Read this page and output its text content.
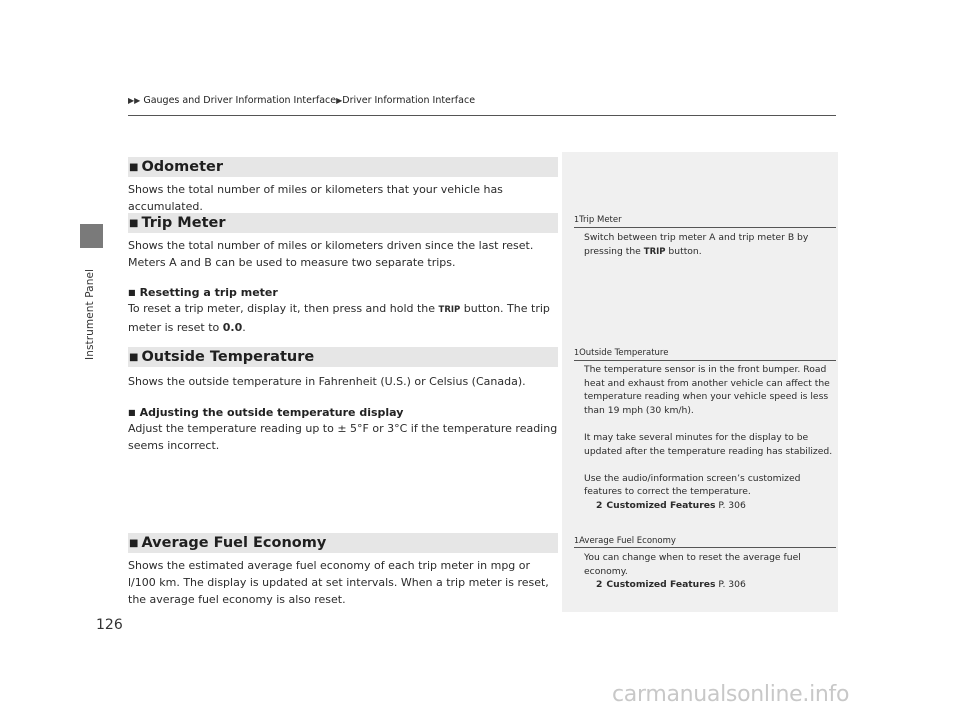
Instrument Panel
126
▶▶ Gauges and Driver Information Interface▶Driver Information Interface
■ Odometer
Shows the total number of miles or kilometers that your vehicle has accumulated.
■ Trip Meter
Shows the total number of miles or kilometers driven since the last reset. Meters A and B can be used to measure two separate trips.
■ Resetting a trip meter
To reset a trip meter, display it, then press and hold the TRIP button. The trip meter is reset to 0.0.
■ Outside Temperature
Shows the outside temperature in Fahrenheit (U.S.) or Celsius (Canada).
■ Adjusting the outside temperature display
Adjust the temperature reading up to ± 5°F or 3°C if the temperature reading seems incorrect.
■ Average Fuel Economy
Shows the estimated average fuel economy of each trip meter in mpg or l/100 km. The display is updated at set intervals. When a trip meter is reset, the average fuel economy is also reset.
1Trip Meter
Switch between trip meter A and trip meter B by pressing the TRIP button.
1Outside Temperature

The temperature sensor is in the front bumper. Road heat and exhaust from another vehicle can affect the temperature reading when your vehicle speed is less than 19 mph (30 km/h).

It may take several minutes for the display to be updated after the temperature reading has stabilized.

Use the audio/information screen’s customized features to correct the temperature.

2 Customized Features P. 306

1Average Fuel Economy

You can change when to reset the average fuel economy.

2 Customized Features P. 306

carmanualsonline.info
